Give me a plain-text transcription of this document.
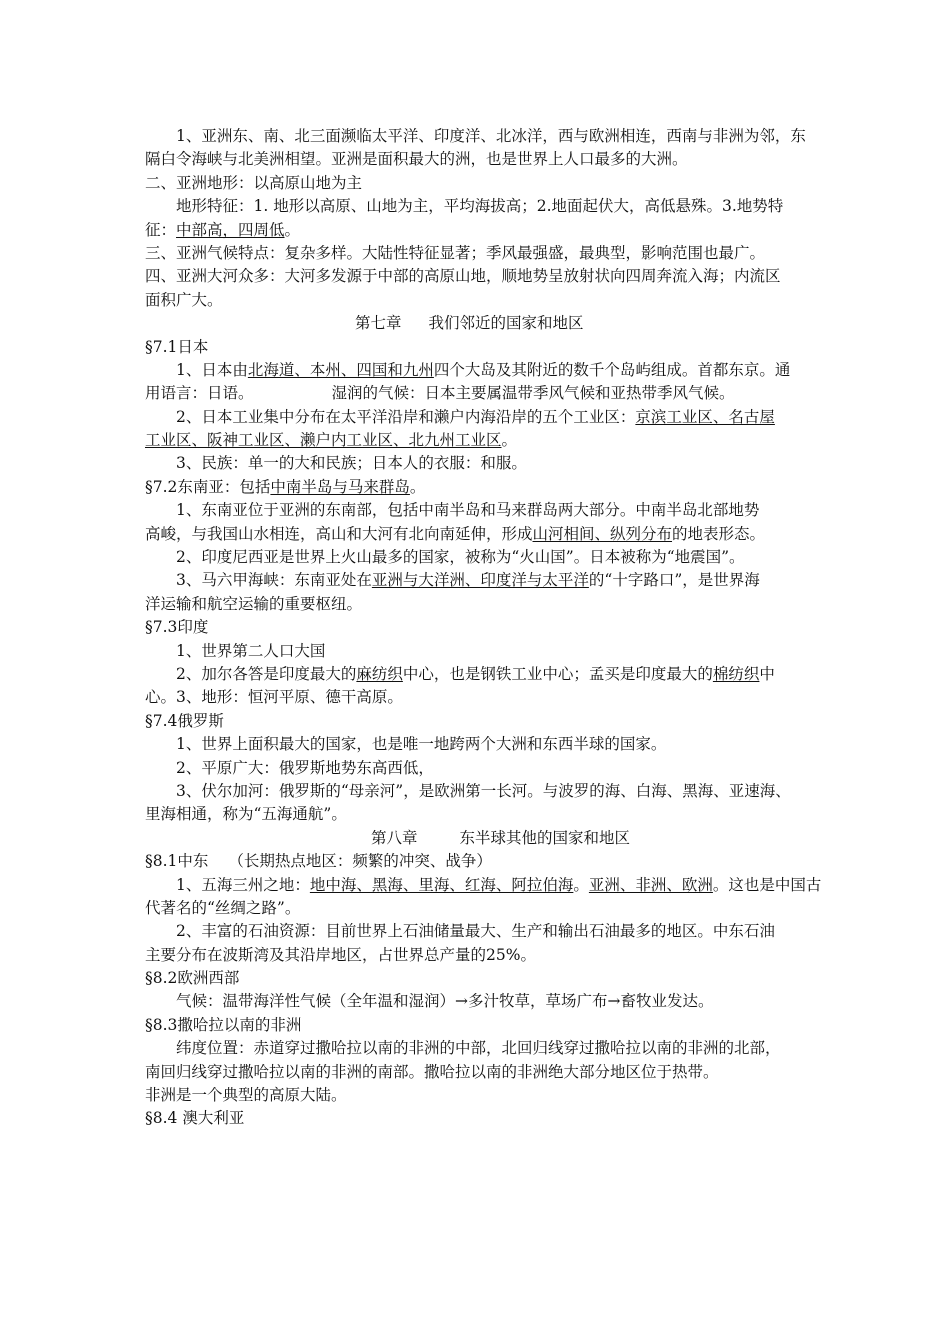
1、亚洲东、南、北三面濒临太平洋、印度洋、北冰洋，西与欧洲相连，西南与非洲为邻，东
隔白令海峡与北美洲相望。亚洲是面积最大的洲，也是世界上人口最多的大洲。
二、亚洲地形：以高原山地为主
地形特征：1. 地形以高原、山地为主，平均海拔高；2.地面起伏大，高低悬殊。3.地势特
征：中部高，四周低。
三、亚洲气候特点：复杂多样。大陆性特征显著；季风最强盛，最典型，影响范围也最广。
四、亚洲大河众多：大河多发源于中部的高原山地，顺地势呈放射状向四周奔流入海；内流区
面积广大。
第七章 我们邻近的国家和地区
§7.1日本
1、日本由北海道、本州、四国和九州四个大岛及其附近的数千个岛屿组成。首都东京。通
用语言：日语。	湿润的气候：日本主要属温带季风气候和亚热带季风气候。
2、日本工业集中分布在太平洋沿岸和濑户内海沿岸的五个工业区：京滨工业区、名古屋
工业区、阪神工业区、濑户内工业区、北九州工业区。
3、民族：单一的大和民族；日本人的衣服：和服。
§7.2东南亚：包括中南半岛与马来群岛。
1、东南亚位于亚洲的东南部，包括中南半岛和马来群岛两大部分。中南半岛北部地势
高峻，与我国山水相连，高山和大河有北向南延伸，形成山河相间、纵列分布的地表形态。
2、印度尼西亚是世界上火山最多的国家，被称为“火山国”。日本被称为“地震国”。
3、马六甲海峡：东南亚处在亚洲与大洋洲、印度洋与太平洋的“十字路口”，是世界海
洋运输和航空运输的重要枢纽。
§7.3印度
1、世界第二人口大国
2、加尔各答是印度最大的麻纺织中心，也是钢铁工业中心；孟买是印度最大的棉纺织中
心。3、地形：恒河平原、德干高原。
§7.4俄罗斯
1、世界上面积最大的国家，也是唯一地跨两个大洲和东西半球的国家。
2、平原广大：俄罗斯地势东高西低，
3、伏尔加河：俄罗斯的“母亲河”，是欧洲第一长河。与波罗的海、白海、黑海、亚速海、
里海相通，称为“五海通航”。
第八章	东半球其他的国家和地区
§8.1中东 （长期热点地区：频繁的冲突、战争）
1、五海三州之地：地中海、黑海、里海、红海、阿拉伯海。亚洲、非洲、欧洲。这也是中国古
代著名的“丝绸之路”。
2、丰富的石油资源：目前世界上石油储量最大、生产和输出石油最多的地区。中东石油
主要分布在波斯湾及其沿岸地区，占世界总产量的25%。
§8.2欧洲西部
气候：温带海洋性气候（全年温和湿润）→多汁牧草，草场广布→畜牧业发达。
§8.3撒哈拉以南的非洲
纬度位置：赤道穿过撒哈拉以南的非洲的中部，北回归线穿过撒哈拉以南的非洲的北部，
南回归线穿过撒哈拉以南的非洲的南部。撒哈拉以南的非洲绝大部分地区位于热带。
非洲是一个典型的高原大陆。
§8.4 澳大利亚
